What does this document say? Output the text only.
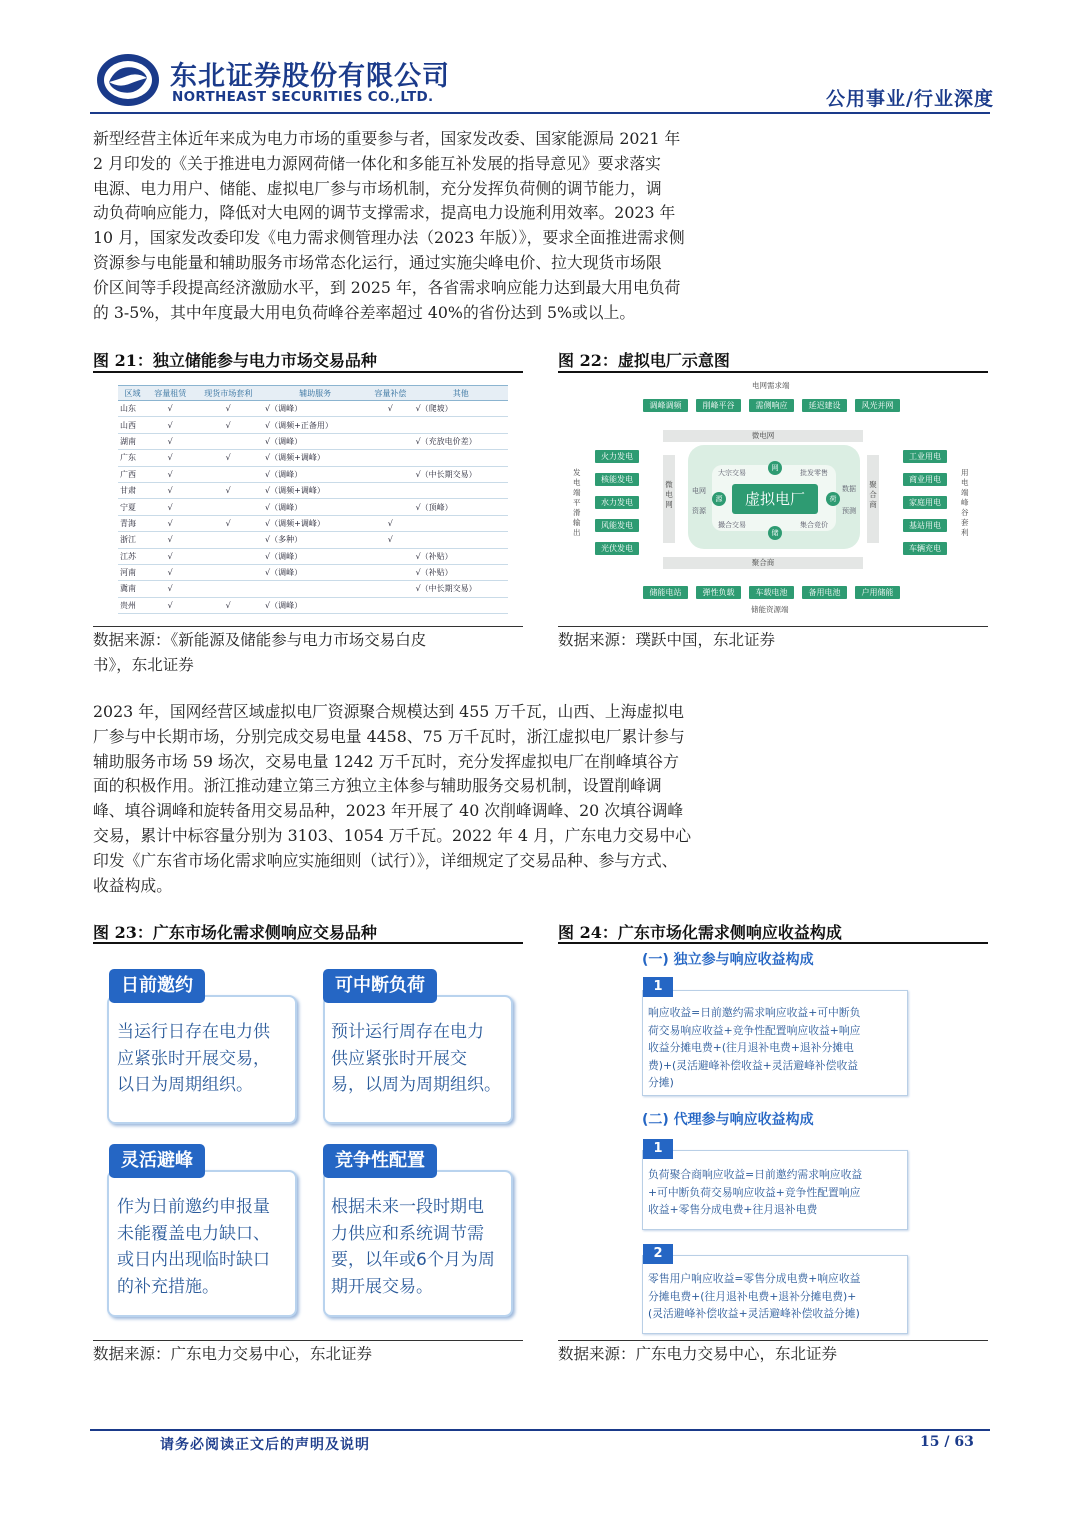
东北证券股份有限公司
NORTHEAST SECURITIES CO.,LTD.	公用事业/行业深度
新型经营主体近年来成为电力市场的重要参与者，国家发改委、国家能源局 2021 年
2 月印发的《关于推进电力源网荷储一体化和多能互补发展的指导意见》要求落实
电源、电力用户、储能、虚拟电厂参与市场机制，充分发挥负荷侧的调节能力，调
动负荷响应能力，降低对大电网的调节支撑需求，提高电力设施利用效率。2023 年
10 月，国家发改委印发《电力需求侧管理办法（2023 年版）》，要求全面推进需求侧
资源参与电能量和辅助服务市场常态化运行，通过实施尖峰电价、拉大现货市场限
价区间等手段提高经济激励水平，到 2025 年，各省需求响应能力达到最大用电负荷
的 3-5%，其中年度最大用电负荷峰谷差率超过 40%的省份达到 5%或以上。
图 21：独立储能参与电力市场交易品种
区域	容量租赁	现货市场套利	辅助服务	容量补偿	其他
山东	√	√	√（调峰）	√	√（爬坡）
山西	√	√	√（调频+正备用）		
湖南	√		√（调峰）		√（充放电价差）
广东	√	√	√（调频+调峰）		
广西	√		√（调峰）		√（中长期交易）
甘肃	√	√	√（调频+调峰）		
宁夏	√		√（调峰）		√（顶峰）
青海	√	√	√（调频+调峰）	√	
浙江	√		√（多种）	√	
江苏	√		√（调峰）		√（补贴）
河南	√		√（调峰）		√（补贴）
冀南	√				√（中长期交易）
贵州	√	√	√（调峰）		
数据来源：《新能源及储能参与电力市场交易白皮
书》，东北证券
图 22：虚拟电厂示意图
电网需求端
调峰调频	削峰平谷	需侧响应	延迟建设	风光并网
微电网
发电端平滑输出
火力发电
核能发电
水力发电
风能发电
光伏发电
微电网
大宗交易	批发零售
撮合交易	集合竞价
电网
资源
数据
预测
虚拟电厂
网
储
源	荷
聚合商
工业用电
商业用电
家庭用电
基站用电
车辆充电
用电端峰谷套利
聚合商
储能电站	弹性负载	车载电池	备用电池	户用储能
储能资源端
数据来源：璞跃中国，东北证券
2023 年，国网经营区域虚拟电厂资源聚合规模达到 455 万千瓦，山西、上海虚拟电
厂参与中长期市场，分别完成交易电量 4458、75 万千瓦时，浙江虚拟电厂累计参与
辅助服务市场 59 场次，交易电量 1242 万千瓦时，充分发挥虚拟电厂在削峰填谷方
面的积极作用。浙江推动建立第三方独立主体参与辅助服务交易机制，设置削峰调
峰、填谷调峰和旋转备用交易品种，2023 年开展了 40 次削峰调峰、20 次填谷调峰
交易，累计中标容量分别为 3103、1054 万千瓦。2022 年 4 月，广东电力交易中心
印发《广东省市场化需求响应实施细则（试行）》，详细规定了交易品种、参与方式、
收益构成。
图 23：广东市场化需求侧响应交易品种
日前邀约
当运行日存在电力供
应紧张时开展交易，
以日为周期组织。
可中断负荷
预计运行周存在电力
供应紧张时开展交
易，以周为周期组织。
灵活避峰
作为日前邀约申报量
未能覆盖电力缺口、
或日内出现临时缺口
的补充措施。
竞争性配置
根据未来一段时期电
力供应和系统调节需
要，以年或6个月为周
期开展交易。
数据来源：广东电力交易中心，东北证券
图 24：广东市场化需求侧响应收益构成
(一) 独立参与响应收益构成
1
响应收益=日前邀约需求响应收益+可中断负
荷交易响应收益+竞争性配置响应收益+响应
收益分摊电费+(往月退补电费+退补分摊电
费)+(灵活避峰补偿收益+灵活避峰补偿收益
分摊)
(二) 代理参与响应收益构成
1
负荷聚合商响应收益=日前邀约需求响应收益
+可中断负荷交易响应收益+竞争性配置响应
收益+零售分成电费+往月退补电费
2
零售用户响应收益=零售分成电费+响应收益
分摊电费+(往月退补电费+退补分摊电费)+
(灵活避峰补偿收益+灵活避峰补偿收益分摊)
数据来源：广东电力交易中心，东北证券
请务必阅读正文后的声明及说明	15 / 63
